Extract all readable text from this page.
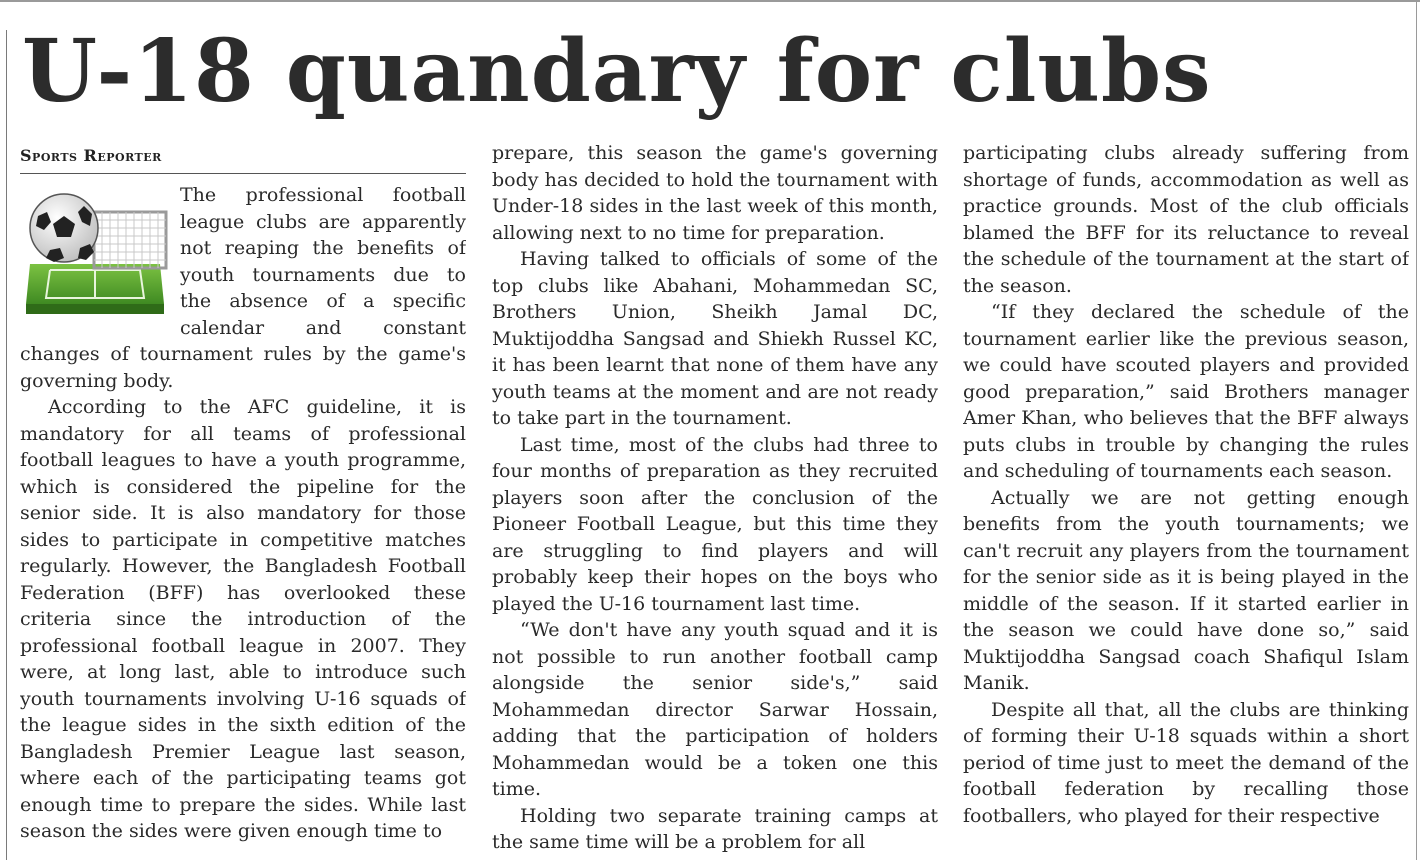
U-18 quandary for clubs
Sports Reporter

The professional football league clubs are apparently not reaping the benefits of youth tournaments due to the absence of a specific calendar and constant changes of tournament rules by the game's governing body.

According to the AFC guideline, it is mandatory for all teams of professional football leagues to have a youth programme, which is considered the pipeline for the senior side. It is also mandatory for those sides to participate in competitive matches regularly. However, the Bangladesh Football Federation (BFF) has overlooked these criteria since the introduction of the professional football league in 2007. They were, at long last, able to introduce such youth tournaments involving U-16 squads of the league sides in the sixth edition of the Bangladesh Premier League last season, where each of the participating teams got enough time to prepare the sides. While last season the sides were given enough time to

prepare, this season the game's governing body has decided to hold the tournament with Under-18 sides in the last week of this month, allowing next to no time for preparation.

Having talked to officials of some of the top clubs like Abahani, Mohammedan SC, Brothers Union, Sheikh Jamal DC, Muktijoddha Sangsad and Shiekh Russel KC, it has been learnt that none of them have any youth teams at the moment and are not ready to take part in the tournament.

Last time, most of the clubs had three to four months of preparation as they recruited players soon after the conclusion of the Pioneer Football League, but this time they are struggling to find players and will probably keep their hopes on the boys who played the U-16 tournament last time.

“We don't have any youth squad and it is not possible to run another football camp alongside the senior side's,” said Mohammedan director Sarwar Hossain, adding that the participation of holders Mohammedan would be a token one this time.

Holding two separate training camps at the same time will be a problem for all

participating clubs already suffering from shortage of funds, accommodation as well as practice grounds. Most of the club officials blamed the BFF for its reluctance to reveal the schedule of the tournament at the start of the season.

“If they declared the schedule of the tournament earlier like the previous season, we could have scouted players and provided good preparation,” said Brothers manager Amer Khan, who believes that the BFF always puts clubs in trouble by changing the rules and scheduling of tournaments each season.

Actually we are not getting enough benefits from the youth tournaments; we can't recruit any players from the tournament for the senior side as it is being played in the middle of the season. If it started earlier in the season we could have done so,” said Muktijoddha Sangsad coach Shafiqul Islam Manik.

Despite all that, all the clubs are thinking of forming their U-18 squads within a short period of time just to meet the demand of the football federation by recalling those footballers, who played for their respective
